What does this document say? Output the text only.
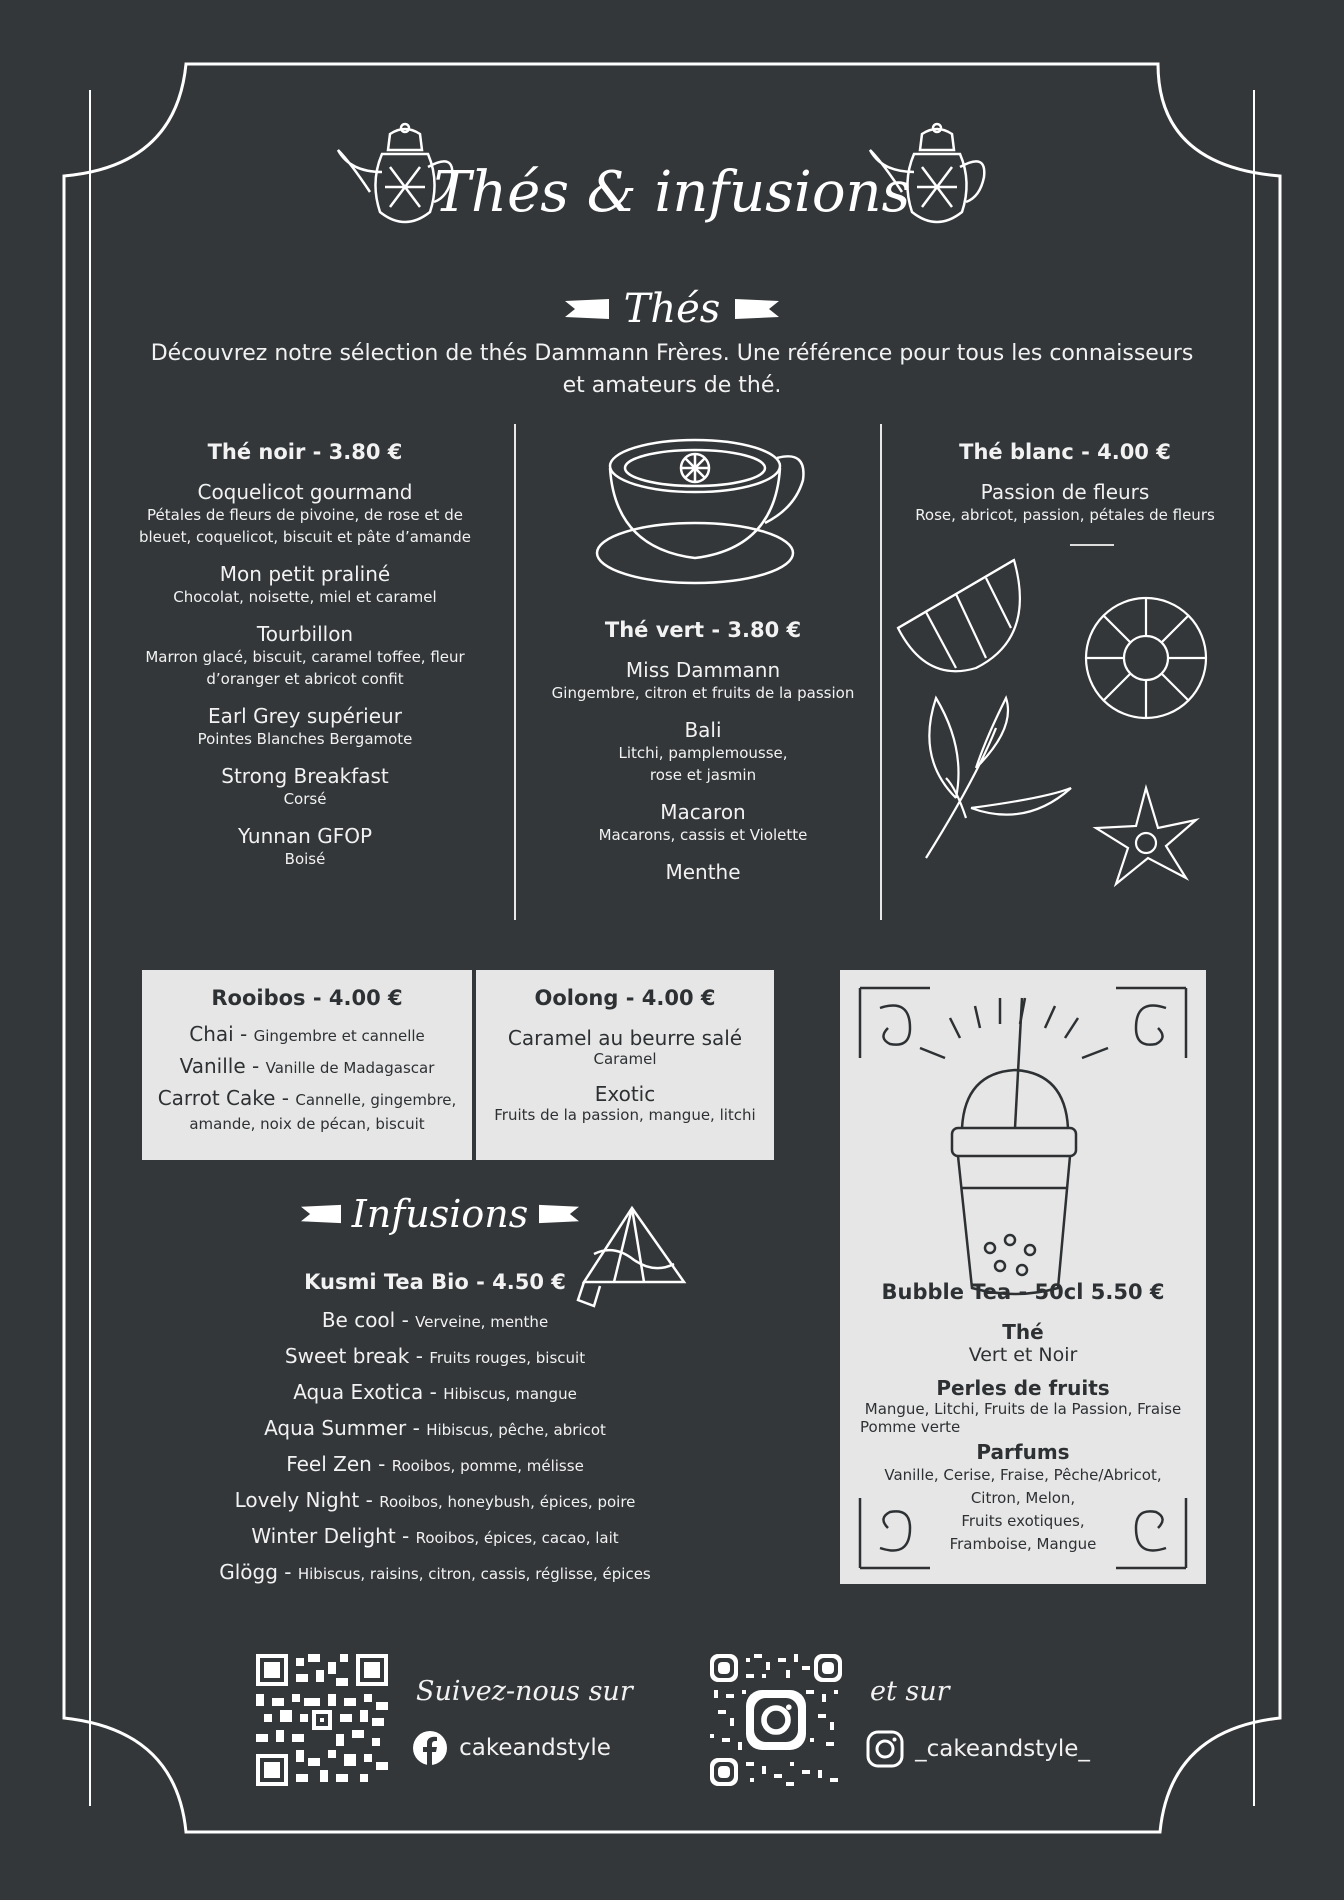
Thés & infusions
Thés
Découvrez notre sélection de thés Dammann Frères. Une référence pour tous les connaisseurs et amateurs de thé.
Thé noir - 3.80 €
Coquelicot gourmand
Pétales de fleurs de pivoine, de rose et de bleuet, coquelicot, biscuit et pâte d’amande
Mon petit praliné
Chocolat, noisette, miel et caramel
Tourbillon
Marron glacé, biscuit, caramel toffee, fleur d’oranger et abricot confit
Earl Grey supérieur
Pointes Blanches Bergamote
Strong Breakfast
Corsé
Yunnan GFOP
Boisé
Thé vert - 3.80 €
Miss Dammann
Gingembre, citron et fruits de la passion
Bali
Litchi, pamplemousse, rose et jasmin
Macaron
Macarons, cassis et Violette
Menthe
Thé blanc - 4.00 €
Passion de fleurs
Rose, abricot, passion, pétales de fleurs
Rooibos - 4.00 €
Chai - Gingembre et cannelle
Vanille - Vanille de Madagascar
Carrot Cake - Cannelle, gingembre, amande, noix de pécan, biscuit
Oolong - 4.00 €
Caramel au beurre salé
Caramel
Exotic
Fruits de la passion, mangue, litchi
Bubble Tea - 50cl 5.50 €
Thé
Vert et Noir
Perles de fruits
Mangue, Litchi, Fruits de la Passion, Fraise
Pomme verte
Parfums
Vanille, Cerise, Fraise, Pêche/Abricot,
Citron, Melon,
Fruits exotiques,
Framboise, Mangue
Infusions
Kusmi Tea Bio - 4.50 €
Be cool - Verveine, menthe
Sweet break - Fruits rouges, biscuit
Aqua Exotica - Hibiscus, mangue
Aqua Summer - Hibiscus, pêche, abricot
Feel Zen - Rooibos, pomme, mélisse
Lovely Night - Rooibos, honeybush, épices, poire
Winter Delight - Rooibos, épices, cacao, lait
Glögg - Hibiscus, raisins, citron, cassis, réglisse, épices
Suivez-nous sur
cakeandstyle
et sur
_cakeandstyle_
